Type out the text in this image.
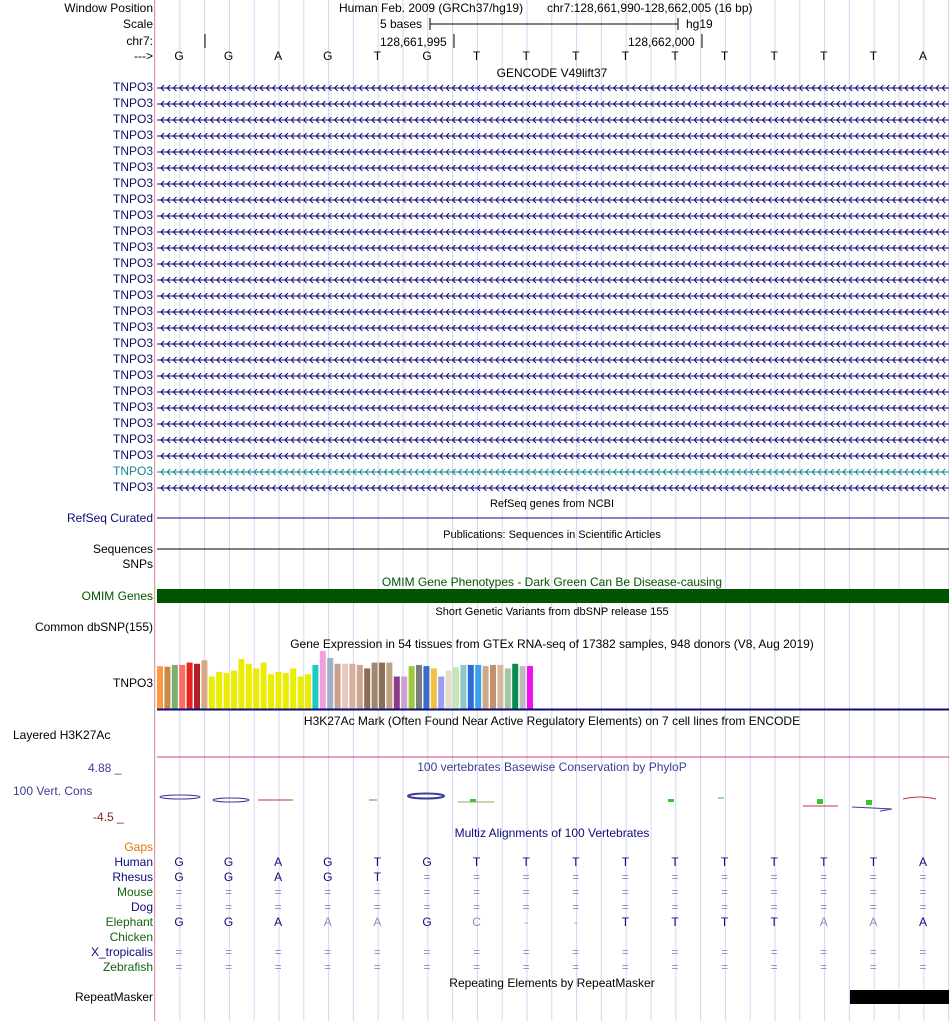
Window Position
Scale
chr7:
--->
Human Feb. 2009 (GRCh37/hg19) chr7:128,661,990-128,662,005 (16 bp)
5 bases	hg19
128,661,995	128,662,000
G	G	A	G	T	G	T	T	T	T	T	T	T	T	T	A
GENCODE V49lift37
TNPO3
TNPO3
TNPO3
TNPO3
TNPO3
TNPO3
TNPO3
TNPO3
TNPO3
TNPO3
TNPO3
TNPO3
TNPO3
TNPO3
TNPO3
TNPO3
TNPO3
TNPO3
TNPO3
TNPO3
TNPO3
TNPO3
TNPO3
TNPO3
TNPO3
TNPO3
RefSeq genes from NCBI
RefSeq Curated
Publications: Sequences in Scientific Articles
Sequences
SNPs
OMIM Gene Phenotypes - Dark Green Can Be Disease-causing
OMIM Genes
Short Genetic Variants from dbSNP release 155
Common dbSNP(155)
Gene Expression in 54 tissues from GTEx RNA-seq of 17382 samples, 948 donors (V8, Aug 2019)
TNPO3
H3K27Ac Mark (Often Found Near Active Regulatory Elements) on 7 cell lines from ENCODE
Layered H3K27Ac
100 vertebrates Basewise Conservation by PhyloP
4.88 _
100 Vert. Cons
-4.5 _
Multiz Alignments of 100 Vertebrates
Gaps
Human	G	G	A	G	T	G	T	T	T	T	T	T	T	T	T	A
Rhesus	G	G	A	G	T	=	=	=	=	=	=	=	=	=	=	=
Mouse	=	=	=	=	=	=	=	=	=	=	=	=	=	=	=	=
Dog	=	=	=	=	=	=	=	=	=	=	=	=	=	=	=	=
Elephant	G	G	A	A	A	G	C	-	-	T	T	T	T	A	A	A
Chicken
X_tropicalis	=	=	=	=	=	=	=	=	=	=	=	=	=	=	=	=
Zebrafish	=	=	=	=	=	=	=	=	=	=	=	=	=	=	=	=
Repeating Elements by RepeatMasker
RepeatMasker
